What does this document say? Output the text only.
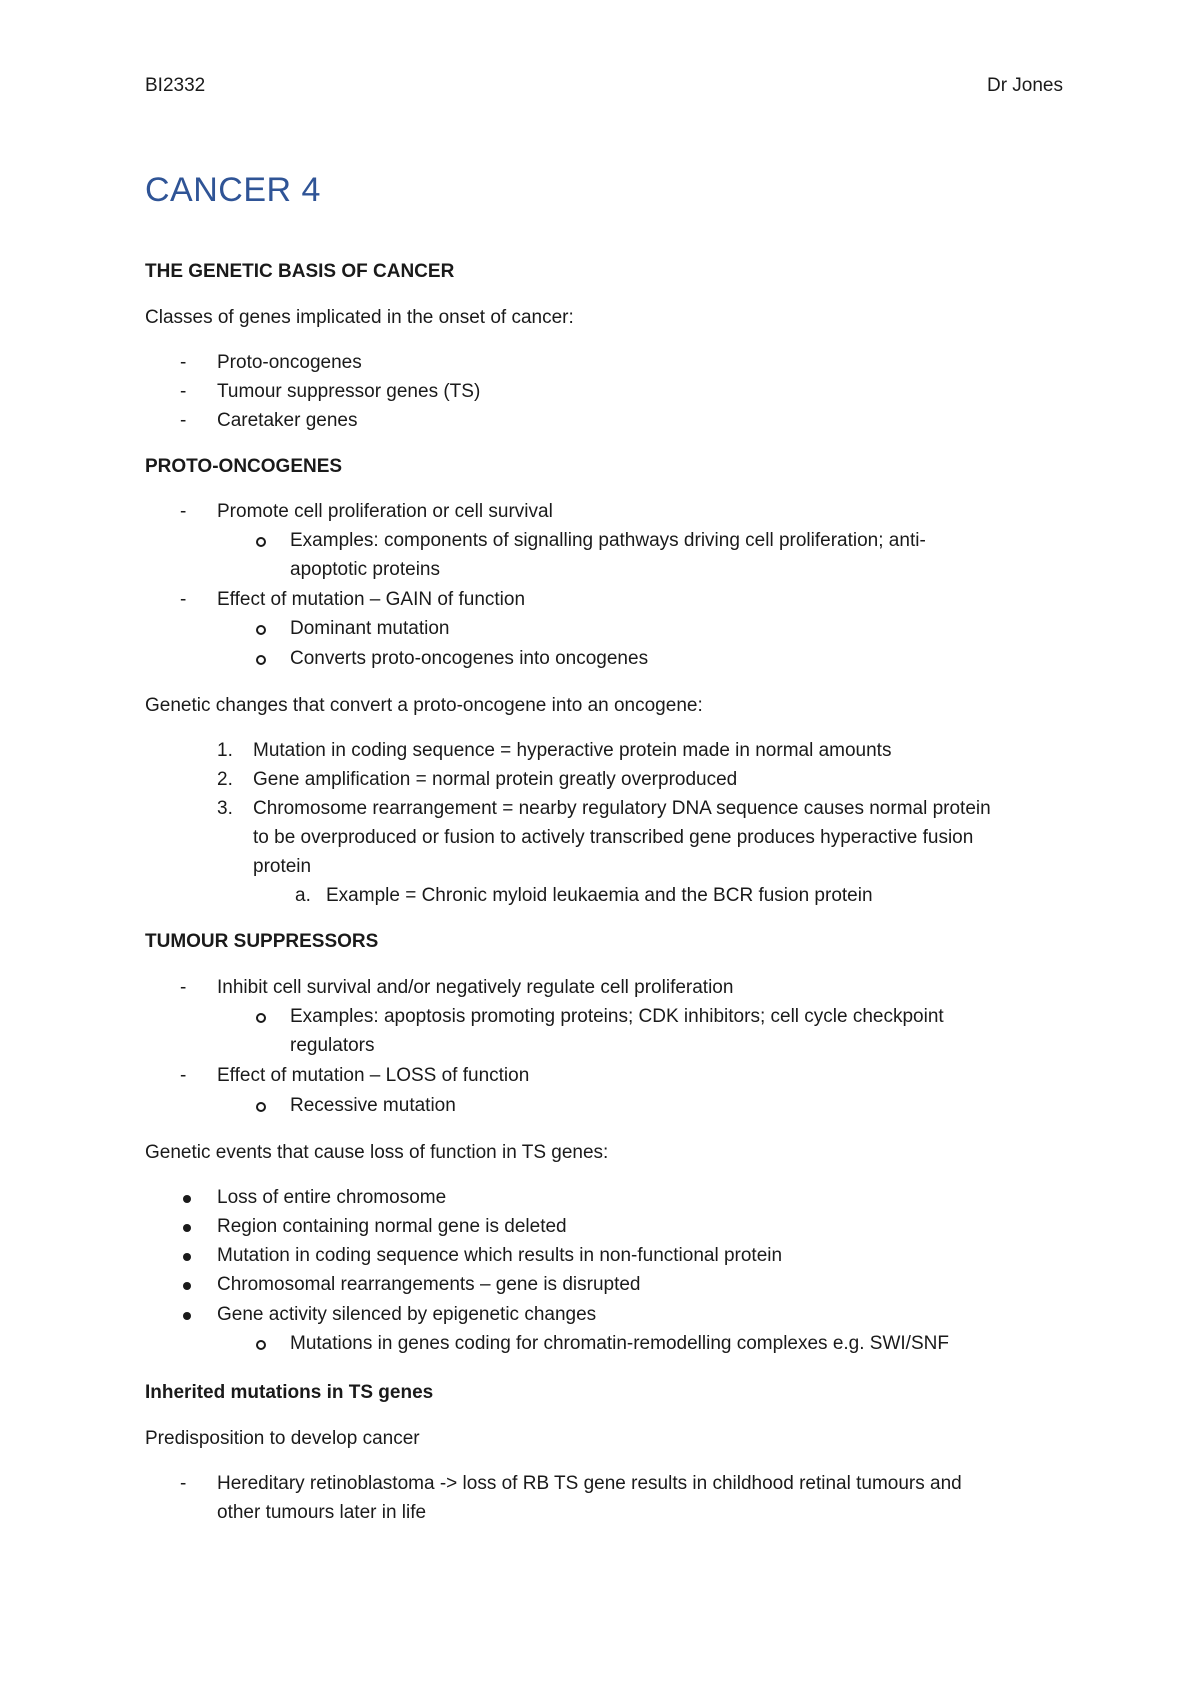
BI2332	Dr Jones
CANCER 4
THE GENETIC BASIS OF CANCER
Classes of genes implicated in the onset of cancer:
- Proto-oncogenes
- Tumour suppressor genes (TS)
- Caretaker genes
PROTO-ONCOGENES
- Promote cell proliferation or cell survival
Examples: components of signalling pathways driving cell proliferation; anti-
apoptotic proteins
- Effect of mutation – GAIN of function
Dominant mutation
Converts proto-oncogenes into oncogenes
Genetic changes that convert a proto-oncogene into an oncogene:
1. Mutation in coding sequence = hyperactive protein made in normal amounts
2. Gene amplification = normal protein greatly overproduced
3. Chromosome rearrangement = nearby regulatory DNA sequence causes normal protein
to be overproduced or fusion to actively transcribed gene produces hyperactive fusion
protein
a. Example = Chronic myloid leukaemia and the BCR fusion protein
TUMOUR SUPPRESSORS
- Inhibit cell survival and/or negatively regulate cell proliferation
Examples: apoptosis promoting proteins; CDK inhibitors; cell cycle checkpoint
regulators
- Effect of mutation – LOSS of function
Recessive mutation
Genetic events that cause loss of function in TS genes:
Loss of entire chromosome
Region containing normal gene is deleted
Mutation in coding sequence which results in non-functional protein
Chromosomal rearrangements – gene is disrupted
Gene activity silenced by epigenetic changes
Mutations in genes coding for chromatin-remodelling complexes e.g. SWI/SNF
Inherited mutations in TS genes
Predisposition to develop cancer
- Hereditary retinoblastoma -> loss of RB TS gene results in childhood retinal tumours and
other tumours later in life
